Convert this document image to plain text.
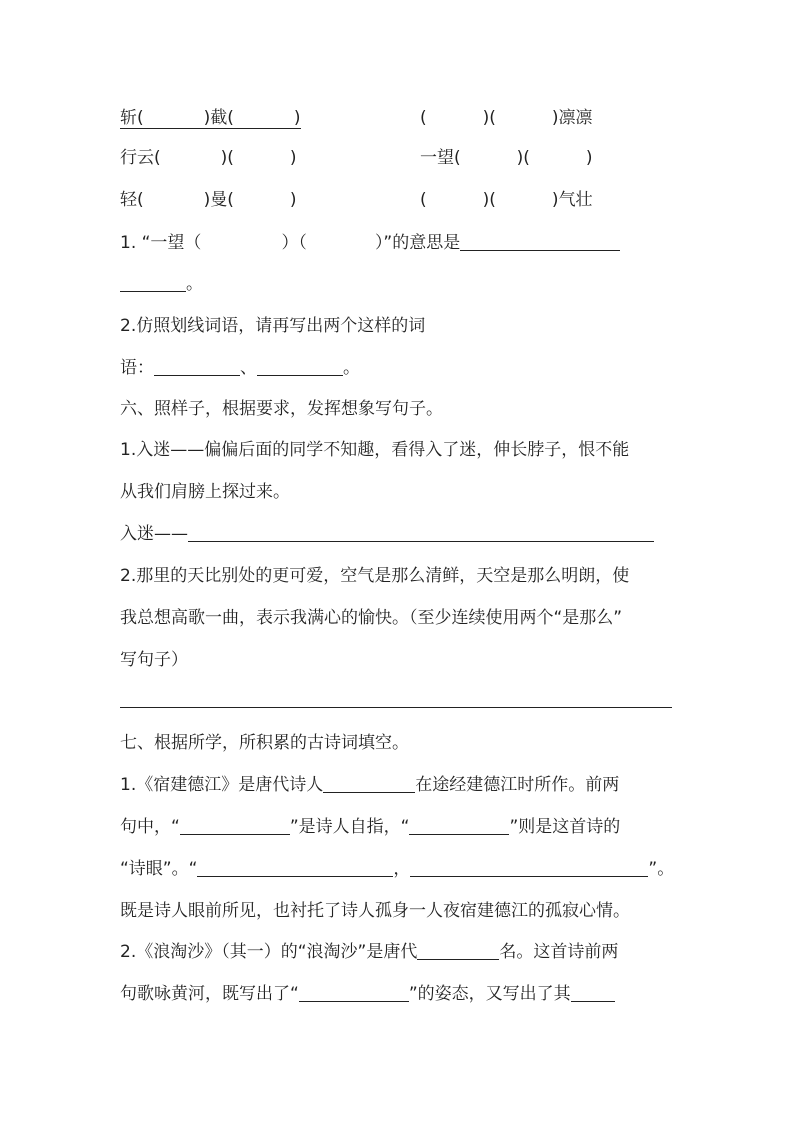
斩(	)截(	)	(	)(	)凛凛
行云(	)(	)	一望(	)(	)
轻(	)曼(	)	(	)(	)气壮
1. “一望（	）（	）”的意思是
。
2.仿照划线词语，请再写出两个这样的词
语：	、	。
六、照样子，根据要求，发挥想象写句子。
1.入迷——偏偏后面的同学不知趣，看得入了迷，伸长脖子，恨不能
从我们肩膀上探过来。
入迷——
2.那里的天比别处的更可爱，空气是那么清鲜，天空是那么明朗，使
我总想高歌一曲，表示我满心的愉快。（至少连续使用两个“是那么”
写句子）
七、根据所学，所积累的古诗词填空。
1.《宿建德江》是唐代诗人	在途经建德江时所作。前两
句中，“	”是诗人自指，“	”则是这首诗的
“诗眼”。“	，	”。
既是诗人眼前所见，也衬托了诗人孤身一人夜宿建德江的孤寂心情。
2.《浪淘沙》（其一）的“浪淘沙”是唐代	名。这首诗前两
句歌咏黄河，既写出了“	”的姿态，又写出了其
